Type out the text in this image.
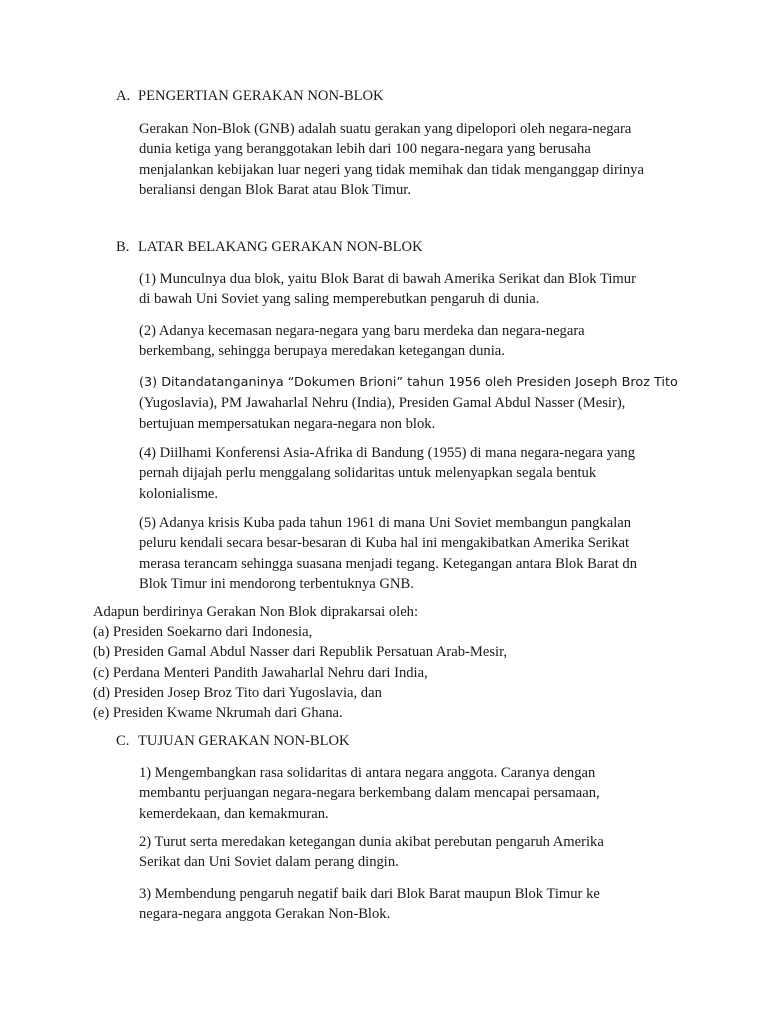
A. PENGERTIAN GERAKAN NON-BLOK
Gerakan Non-Blok (GNB) adalah suatu gerakan yang dipelopori oleh negara-negara
dunia ketiga yang beranggotakan lebih dari 100 negara-negara yang berusaha
menjalankan kebijakan luar negeri yang tidak memihak dan tidak menganggap dirinya
beraliansi dengan Blok Barat atau Blok Timur.
B. LATAR BELAKANG GERAKAN NON-BLOK
(1) Munculnya dua blok, yaitu Blok Barat di bawah Amerika Serikat dan Blok Timur
di bawah Uni Soviet yang saling memperebutkan pengaruh di dunia.
(2) Adanya kecemasan negara-negara yang baru merdeka dan negara-negara
berkembang, sehingga berupaya meredakan ketegangan dunia.
(3) Ditandatanganinya “Dokumen Brioni” tahun 1956 oleh Presiden Joseph Broz Tito
(Yugoslavia), PM Jawaharlal Nehru (India), Presiden Gamal Abdul Nasser (Mesir),
bertujuan mempersatukan negara-negara non blok.
(4) Diilhami Konferensi Asia-Afrika di Bandung (1955) di mana negara-negara yang
pernah dijajah perlu menggalang solidaritas untuk melenyapkan segala bentuk
kolonialisme.
(5) Adanya krisis Kuba pada tahun 1961 di mana Uni Soviet membangun pangkalan
peluru kendali secara besar-besaran di Kuba hal ini mengakibatkan Amerika Serikat
merasa terancam sehingga suasana menjadi tegang. Ketegangan antara Blok Barat dn
Blok Timur ini mendorong terbentuknya GNB.
Adapun berdirinya Gerakan Non Blok diprakarsai oleh:
(a) Presiden Soekarno dari Indonesia,
(b) Presiden Gamal Abdul Nasser dari Republik Persatuan Arab-Mesir,
(c) Perdana Menteri Pandith Jawaharlal Nehru dari India,
(d) Presiden Josep Broz Tito dari Yugoslavia, dan
(e) Presiden Kwame Nkrumah dari Ghana.
C. TUJUAN GERAKAN NON-BLOK
1) Mengembangkan rasa solidaritas di antara negara anggota. Caranya dengan
membantu perjuangan negara-negara berkembang dalam mencapai persamaan,
kemerdekaan, dan kemakmuran.
2) Turut serta meredakan ketegangan dunia akibat perebutan pengaruh Amerika
Serikat dan Uni Soviet dalam perang dingin.
3) Membendung pengaruh negatif baik dari Blok Barat maupun Blok Timur ke
negara-negara anggota Gerakan Non-Blok.
